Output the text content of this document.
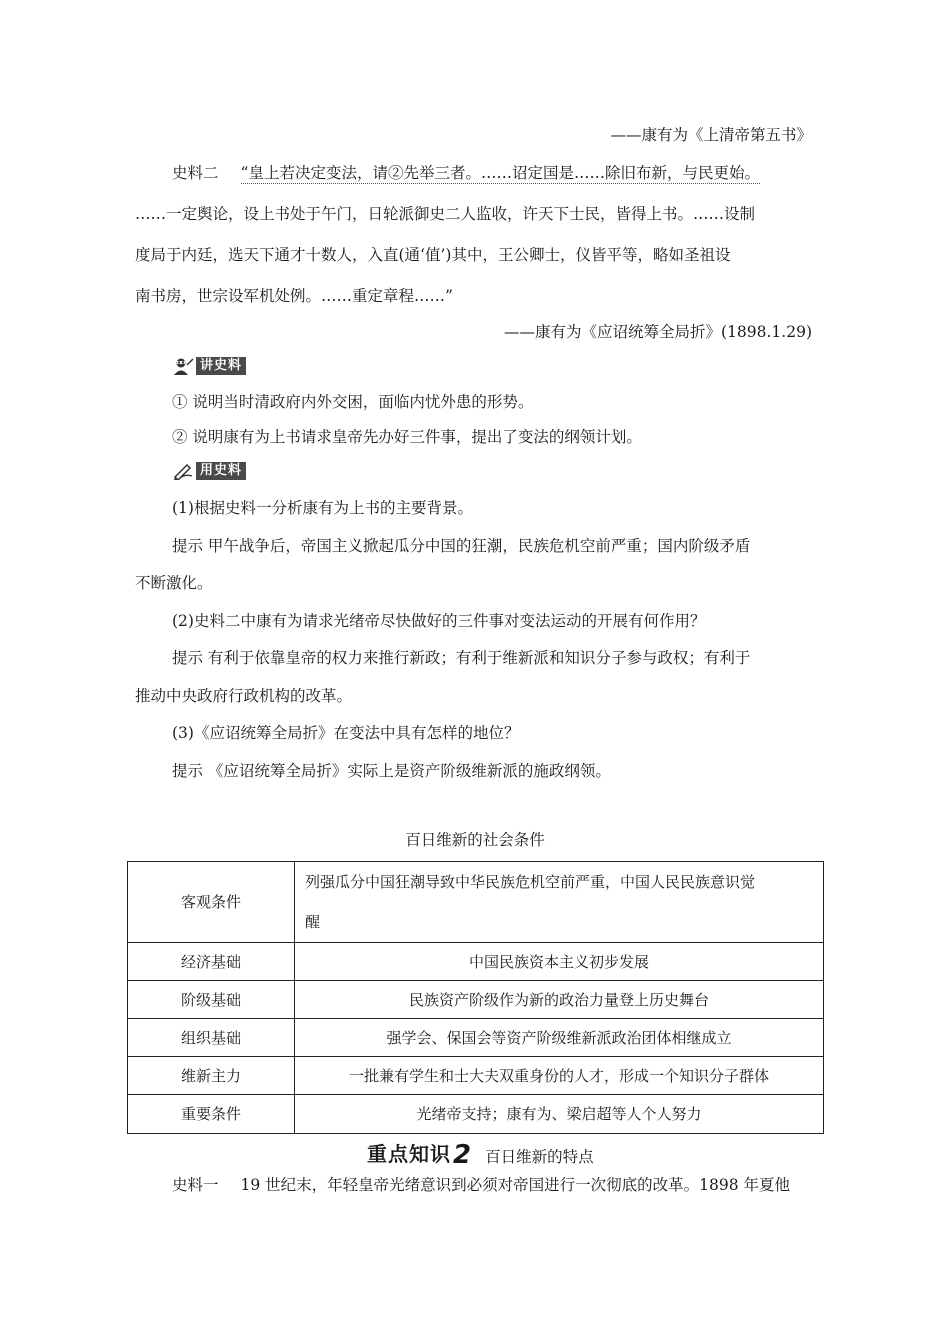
——康有为《上清帝第五书》
史料二 “皇上若决定变法，请②先举三者。……诏定国是……除旧布新，与民更始。
……一定舆论，设上书处于午门，日轮派御史二人监收，许天下士民，皆得上书。……设制
度局于内廷，选天下通才十数人，入直(通‘值’)其中，王公卿士，仪皆平等，略如圣祖设
南书房，世宗设军机处例。……重定章程……”
——康有为《应诏统筹全局折》(1898.1.29)
讲史料
① 说明当时清政府内外交困，面临内忧外患的形势。
② 说明康有为上书请求皇帝先办好三件事，提出了变法的纲领计划。
用史料
(1)根据史料一分析康有为上书的主要背景。
提示 甲午战争后，帝国主义掀起瓜分中国的狂潮，民族危机空前严重；国内阶级矛盾
不断激化。
(2)史料二中康有为请求光绪帝尽快做好的三件事对变法运动的开展有何作用？
提示 有利于依靠皇帝的权力来推行新政；有利于维新派和知识分子参与政权；有利于
推动中央政府行政机构的改革。
(3)《应诏统筹全局折》在变法中具有怎样的地位？
提示 《应诏统筹全局折》实际上是资产阶级维新派的施政纲领。
百日维新的社会条件
客观条件	列强瓜分中国狂潮导致中华民族危机空前严重，中国人民民族意识觉
醒

经济基础	中国民族资本主义初步发展
阶级基础	民族资产阶级作为新的政治力量登上历史舞台
组织基础	强学会、保国会等资产阶级维新派政治团体相继成立
维新主力	一批兼有学生和士大夫双重身份的人才，形成一个知识分子群体
重要条件	光绪帝支持；康有为、梁启超等人个人努力
重点知识 2 百日维新的特点
史料一 19 世纪末，年轻皇帝光绪意识到必须对帝国进行一次彻底的改革。1898 年夏他
